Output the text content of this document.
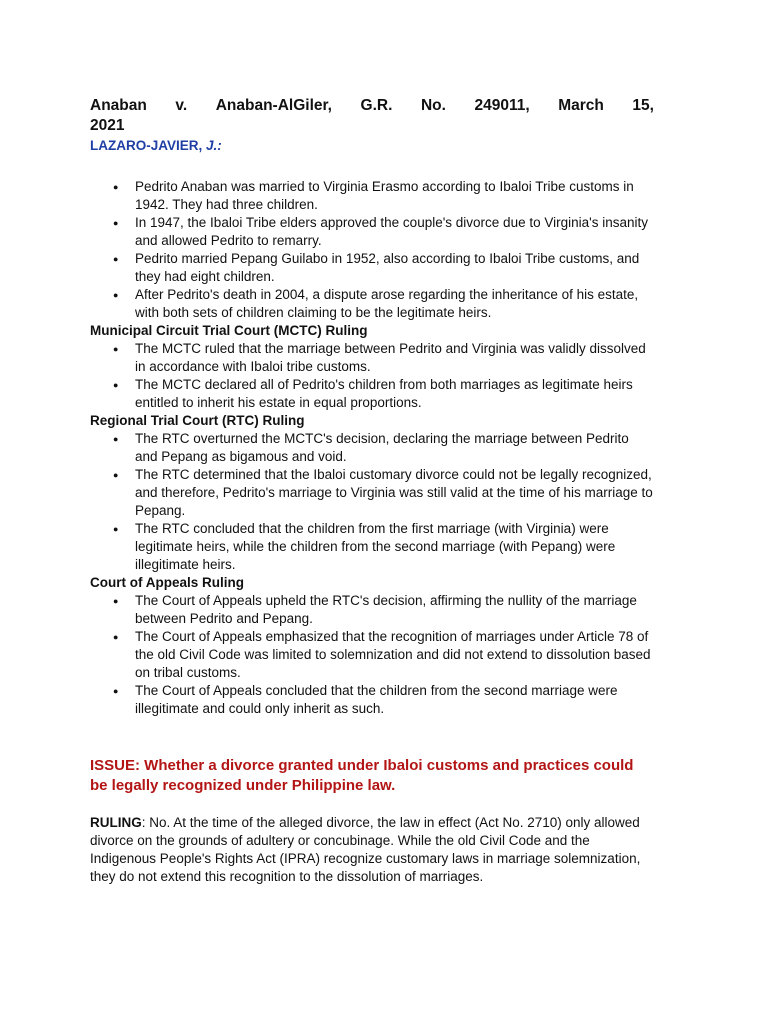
Anaban v. Anaban-AlGiler, G.R. No. 249011, March 15,
2021
LAZARO-JAVIER, J.:
● Pedrito Anaban was married to Virginia Erasmo according to Ibaloi Tribe customs in 1942. They had three children.
● In 1947, the Ibaloi Tribe elders approved the couple's divorce due to Virginia's insanity and allowed Pedrito to remarry.
● Pedrito married Pepang Guilabo in 1952, also according to Ibaloi Tribe customs, and they had eight children.
● After Pedrito's death in 2004, a dispute arose regarding the inheritance of his estate, with both sets of children claiming to be the legitimate heirs.
Municipal Circuit Trial Court (MCTC) Ruling
● The MCTC ruled that the marriage between Pedrito and Virginia was validly dissolved in accordance with Ibaloi tribe customs.
● The MCTC declared all of Pedrito's children from both marriages as legitimate heirs entitled to inherit his estate in equal proportions.
Regional Trial Court (RTC) Ruling
● The RTC overturned the MCTC's decision, declaring the marriage between Pedrito and Pepang as bigamous and void.
● The RTC determined that the Ibaloi customary divorce could not be legally recognized, and therefore, Pedrito's marriage to Virginia was still valid at the time of his marriage to Pepang.
● The RTC concluded that the children from the first marriage (with Virginia) were legitimate heirs, while the children from the second marriage (with Pepang) were illegitimate heirs.
Court of Appeals Ruling
● The Court of Appeals upheld the RTC's decision, affirming the nullity of the marriage between Pedrito and Pepang.
● The Court of Appeals emphasized that the recognition of marriages under Article 78 of the old Civil Code was limited to solemnization and did not extend to dissolution based on tribal customs.
● The Court of Appeals concluded that the children from the second marriage were illegitimate and could only inherit as such.
ISSUE: Whether a divorce granted under Ibaloi customs and practices could be legally recognized under Philippine law.
RULING: No. At the time of the alleged divorce, the law in effect (Act No. 2710) only allowed divorce on the grounds of adultery or concubinage. While the old Civil Code and the Indigenous People's Rights Act (IPRA) recognize customary laws in marriage solemnization, they do not extend this recognition to the dissolution of marriages.
